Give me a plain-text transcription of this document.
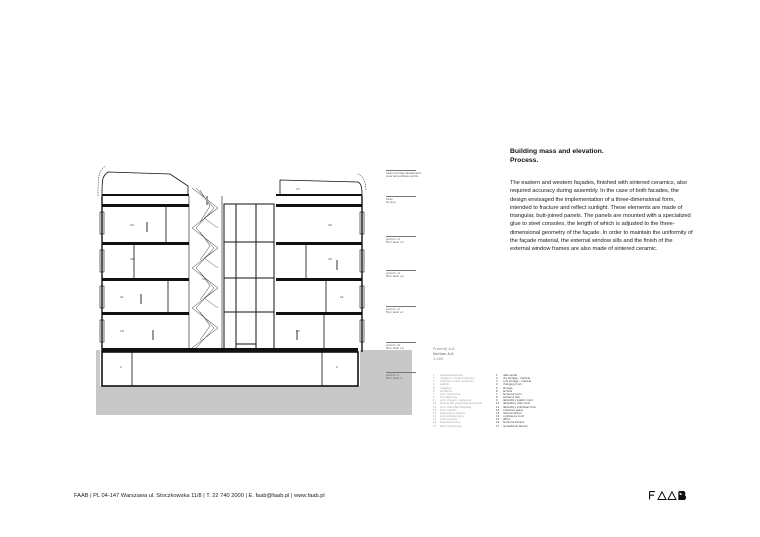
1	2
10	10
11	11
12
13
14
15
16
17
kalenica/ridge daszka/dach
view terrace/taras widok.
taras
terrace
poziom +3
floor level +3
poziom +2
floor level +2
poziom +1
floor level +1
poziom +0
floor level +0
poziom -1
floor level -1
Przekrój A-A
Section A-A
1:200
1 zasilania/zaplecze
2 magazyn / ścieki medyczne
3 chłodnia / ścieki medyczne
4 szatnia
5 magazyn
6 archiwum
7 pom. techniczne
8 hol wejściowy
9 pom. przygot. medyczne
10 główne lab. przyjmowania próbek
11 pom. wielostanowiskowe
12 pom. szkoleń
13 wewnętrzna kaplica
14 sala konferencyjna
15 pokój biurowy
16 taras techniczny
17 taras rekreacyjny
1 data center
2 dry storage – medical
3 cool storage – medical
4 changing room
5 storage
6 archive
7 technical room
8 entrance hall
9 laboratory logistic room
10 laboratory main room
11 laboratory individual room
12 collective space
13 internal atrium
14 conference room
15 office
16 technical terrace
17 recreational terrace

Building mass and elevation.
Process.

The eastern and western façades, finished with sintered ceramics, also required accuracy during assembly. In the case of both facades, the design envisaged the implementation of a three-dimensional form, intended to fracture and reflect sunlight. These elements are made of triangular, butt-joined panels. The panels are mounted with a specialized glue to steel consoles, the length of which is adjusted to the three-dimensional geometry of the façade. In order to maintain the uniformity of the façade material, the external window sills and the finish of the external window frames are also made of sintered ceramic.

FAAB | PL 04-147 Warszawa ul. Stoczkowska 11/8 | T. 22 740 2000 | E. faab@faab.pl | www.faab.pl
